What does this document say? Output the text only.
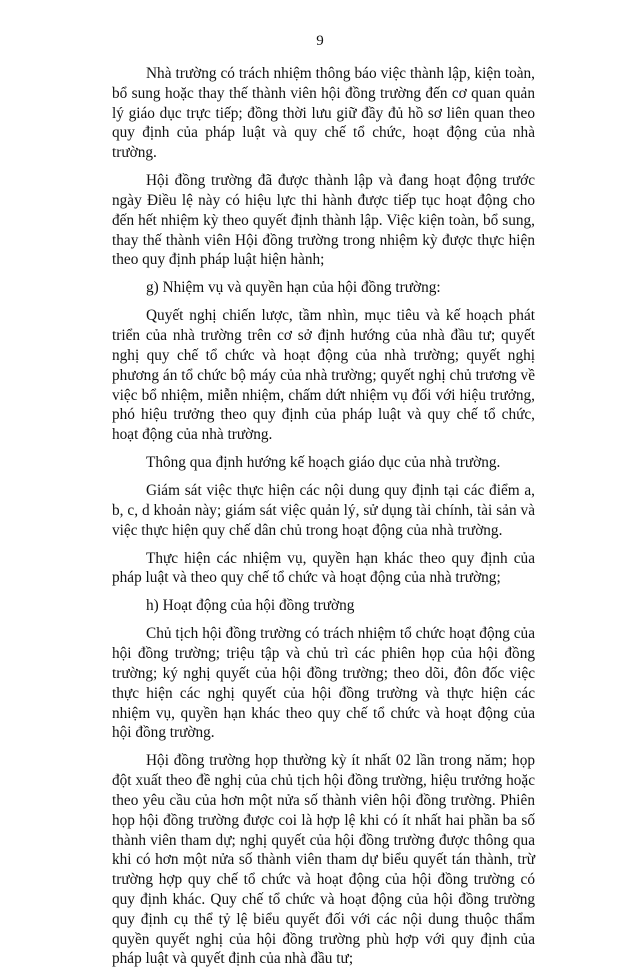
9

Nhà trường có trách nhiệm thông báo việc thành lập, kiện toàn, bổ sung hoặc thay thế thành viên hội đồng trường đến cơ quan quản lý giáo dục trực tiếp; đồng thời lưu giữ đầy đủ hồ sơ liên quan theo quy định của pháp luật và quy chế tổ chức, hoạt động của nhà trường.

Hội đồng trường đã được thành lập và đang hoạt động trước ngày Điều lệ này có hiệu lực thi hành được tiếp tục hoạt động cho đến hết nhiệm kỳ theo quyết định thành lập. Việc kiện toàn, bổ sung, thay thế thành viên Hội đồng trường trong nhiệm kỳ được thực hiện theo quy định pháp luật hiện hành;

g) Nhiệm vụ và quyền hạn của hội đồng trường:

Quyết nghị chiến lược, tầm nhìn, mục tiêu và kế hoạch phát triển của nhà trường trên cơ sở định hướng của nhà đầu tư; quyết nghị quy chế tổ chức và hoạt động của nhà trường; quyết nghị phương án tổ chức bộ máy của nhà trường; quyết nghị chủ trương về việc bổ nhiệm, miễn nhiệm, chấm dứt nhiệm vụ đối với hiệu trưởng, phó hiệu trưởng theo quy định của pháp luật và quy chế tổ chức, hoạt động của nhà trường.

Thông qua định hướng kế hoạch giáo dục của nhà trường.

Giám sát việc thực hiện các nội dung quy định tại các điểm a, b, c, d khoản này; giám sát việc quản lý, sử dụng tài chính, tài sản và việc thực hiện quy chế dân chủ trong hoạt động của nhà trường.

Thực hiện các nhiệm vụ, quyền hạn khác theo quy định của pháp luật và theo quy chế tổ chức và hoạt động của nhà trường;

h) Hoạt động của hội đồng trường

Chủ tịch hội đồng trường có trách nhiệm tổ chức hoạt động của hội đồng trường; triệu tập và chủ trì các phiên họp của hội đồng trường; ký nghị quyết của hội đồng trường; theo dõi, đôn đốc việc thực hiện các nghị quyết của hội đồng trường và thực hiện các nhiệm vụ, quyền hạn khác theo quy chế tổ chức và hoạt động của hội đồng trường.

Hội đồng trường họp thường kỳ ít nhất 02 lần trong năm; họp đột xuất theo đề nghị của chủ tịch hội đồng trường, hiệu trưởng hoặc theo yêu cầu của hơn một nửa số thành viên hội đồng trường. Phiên họp hội đồng trường được coi là hợp lệ khi có ít nhất hai phần ba số thành viên tham dự; nghị quyết của hội đồng trường được thông qua khi có hơn một nửa số thành viên tham dự biểu quyết tán thành, trừ trường hợp quy chế tổ chức và hoạt động của hội đồng trường có quy định khác. Quy chế tổ chức và hoạt động của hội đồng trường quy định cụ thể tỷ lệ biểu quyết đối với các nội dung thuộc thẩm quyền quyết nghị của hội đồng trường phù hợp với quy định của pháp luật và quyết định của nhà đầu tư;
